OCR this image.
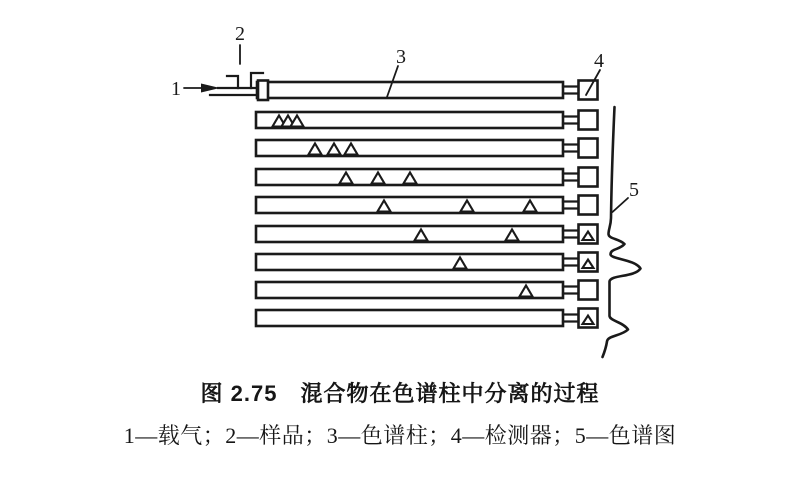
1
2
3	4
5
图 2.75　混合物在色谱柱中分离的过程
1—载气；2—样品；3—色谱柱；4—检测器；5—色谱图
